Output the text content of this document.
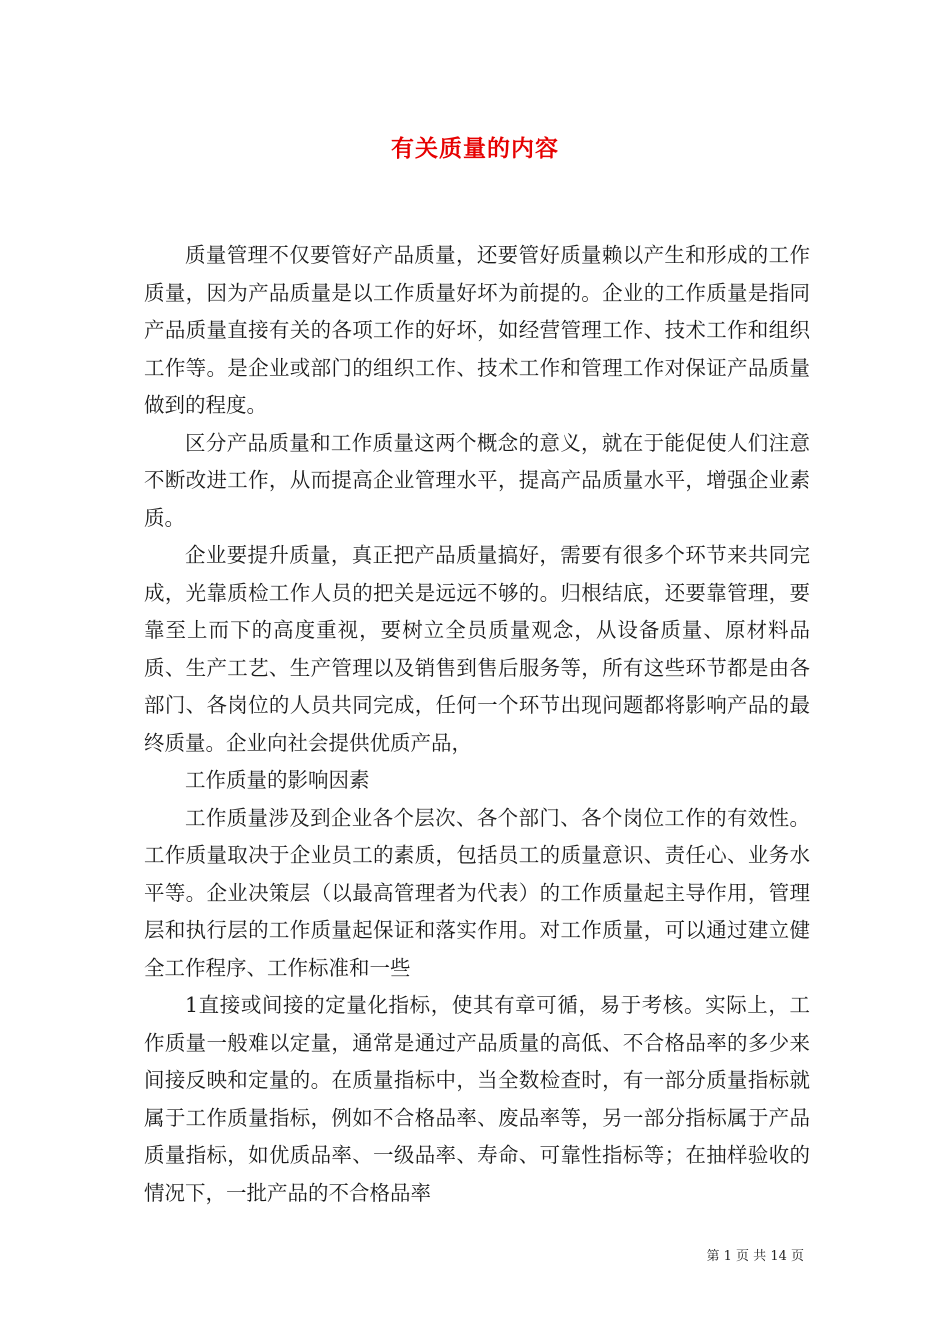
有关质量的内容

质量管理不仅要管好产品质量，还要管好质量赖以产生和形成的工作质量，因为产品质量是以工作质量好坏为前提的。企业的工作质量是指同产品质量直接有关的各项工作的好坏，如经营管理工作、技术工作和组织工作等。是企业或部门的组织工作、技术工作和管理工作对保证产品质量做到的程度。

区分产品质量和工作质量这两个概念的意义，就在于能促使人们注意不断改进工作，从而提高企业管理水平，提高产品质量水平，增强企业素质。

企业要提升质量，真正把产品质量搞好，需要有很多个环节来共同完成，光靠质检工作人员的把关是远远不够的。归根结底，还要靠管理，要靠至上而下的高度重视，要树立全员质量观念，从设备质量、原材料品质、生产工艺、生产管理以及销售到售后服务等，所有这些环节都是由各部门、各岗位的人员共同完成，任何一个环节出现问题都将影响产品的最终质量。企业向社会提供优质产品，

工作质量的影响因素

工作质量涉及到企业各个层次、各个部门、各个岗位工作的有效性。工作质量取决于企业员工的素质，包括员工的质量意识、责任心、业务水平等。企业决策层（以最高管理者为代表）的工作质量起主导作用，管理层和执行层的工作质量起保证和落实作用。对工作质量，可以通过建立健全工作程序、工作标准和一些

1直接或间接的定量化指标，使其有章可循，易于考核。实际上，工作质量一般难以定量，通常是通过产品质量的高低、不合格品率的多少来间接反映和定量的。在质量指标中，当全数检查时，有一部分质量指标就属于工作质量指标，例如不合格品率、废品率等，另一部分指标属于产品质量指标，如优质品率、一级品率、寿命、可靠性指标等；在抽样验收的情况下，一批产品的不合格品率

第 1 页 共 14 页
